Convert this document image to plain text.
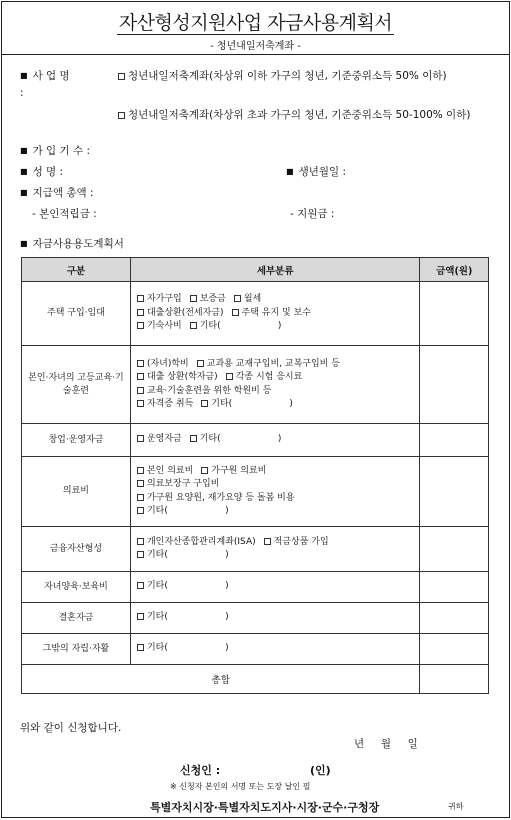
자산형성지원사업 자금사용계획서
- 청년내일저축계좌 -
■ 사 업 명
:
청년내일저축계좌(차상위 이하 가구의 청년, 기준중위소득 50% 이하)
청년내일저축계좌(차상위 초과 가구의 청년, 기준중위소득 50-100% 이하)
■ 가 입 기 수 :
■ 성 명 :	■ 생년월일 :
■ 지급액 총액 :
- 본인적립금 :	- 지원금 :
■ 자금사용용도계획서
구분	세부분류	금액(원)
주택 구입·임대	자가구입 보증금 월세
대출상환(전세자금) 주택 유지 및 보수
기숙사비 기타(                    )	

본인·자녀의 고등교육·기술훈련	(자녀)학비 교과용 교재구입비, 교복구입비 등
대출 상환(학자금) 각종 시험 응시료
교육·기술훈련을 위한 학원비 등
자격증 취득 기타(                    )	

창업·운영자금	운영자금 기타(                    )	

의료비	본인 의료비 가구원 의료비
의료보장구 구입비
가구원 요양원, 재가요양 등 돌봄 비용
기타(                    )	

금융자산형성	개인자산종합관리계좌(ISA) 적금상품 가입
기타(                    )	

자녀양육·보육비	기타(                    )	

결혼자금	기타(                    )	

그밖의 자립·자활	기타(                    )	

총합		
위와 같이 신청합니다.
년     월     일
신청인 :	(인)
※ 신청자 본인의 서명 또는 도장 날인 필
특별자치시장·특별자치도지사·시장·군수·구청장	귀하
